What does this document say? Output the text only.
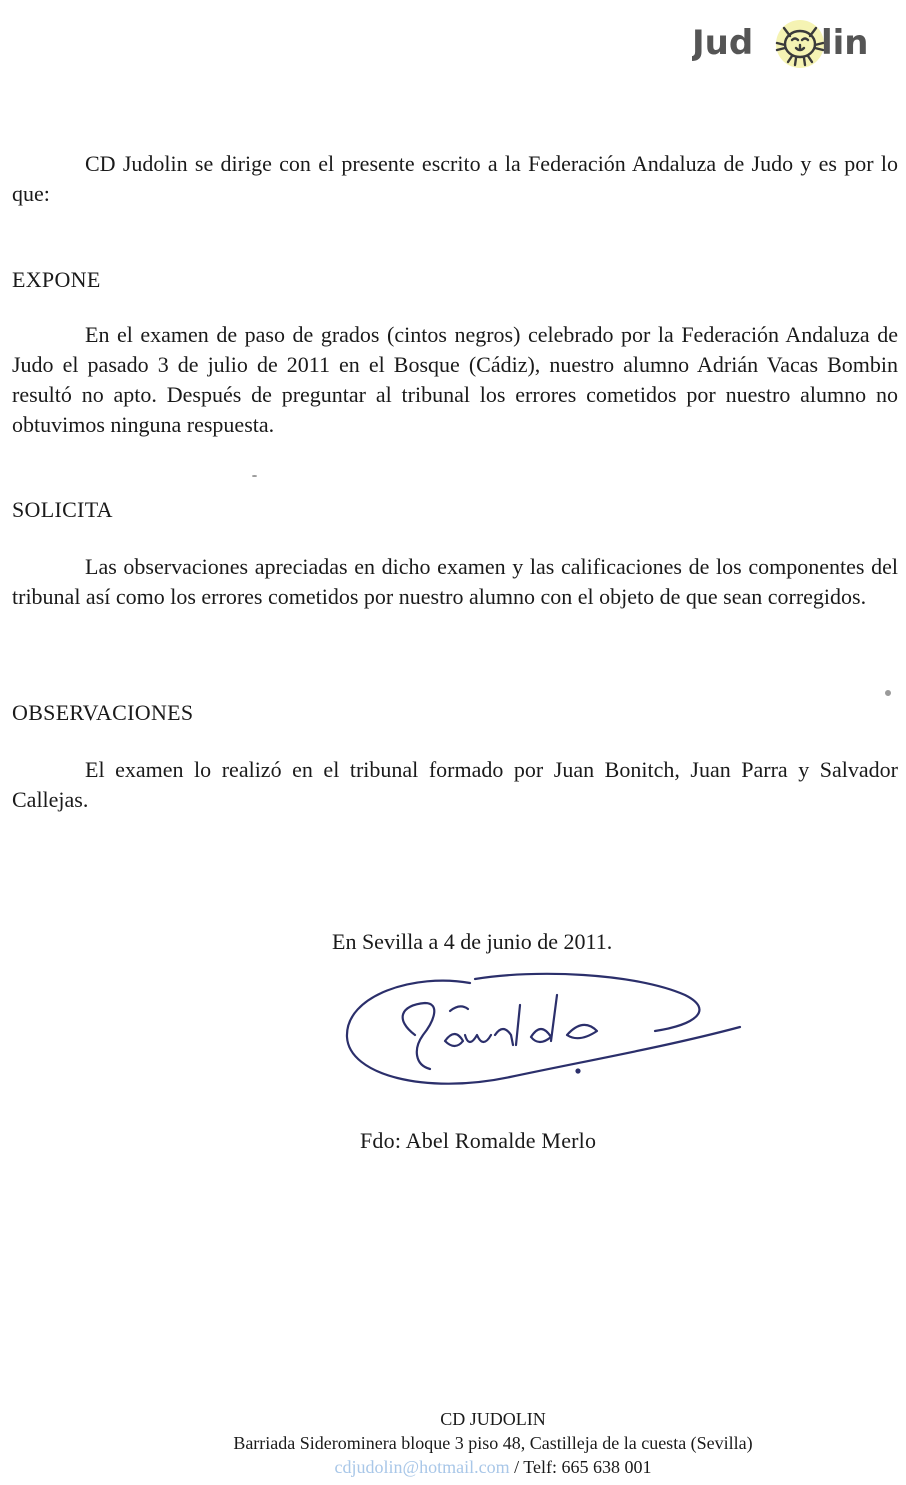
Jud lin
CD Judolin se dirige con el presente escrito a la Federación Andaluza de Judo y es por lo que:
EXPONE
En el examen de paso de grados (cintos negros) celebrado por la Federación Andaluza de Judo el pasado 3 de julio de 2011 en el Bosque (Cádiz), nuestro alumno Adrián Vacas Bombin resultó no apto. Después de preguntar al tribunal los errores cometidos por nuestro alumno no obtuvimos ninguna respuesta.
SOLICITA
Las observaciones apreciadas en dicho examen y las calificaciones de los componentes del tribunal así como los errores cometidos por nuestro alumno con el objeto de que sean corregidos.
OBSERVACIONES
El examen lo realizó en el tribunal formado por Juan Bonitch, Juan Parra y Salvador Callejas.
En Sevilla a 4 de junio de 2011.
Fdo: Abel Romalde Merlo
CD JUDOLIN
Barriada Siderominera bloque 3 piso 48, Castilleja de la cuesta (Sevilla)
cdjudolin@hotmail.com / Telf: 665 638 001
